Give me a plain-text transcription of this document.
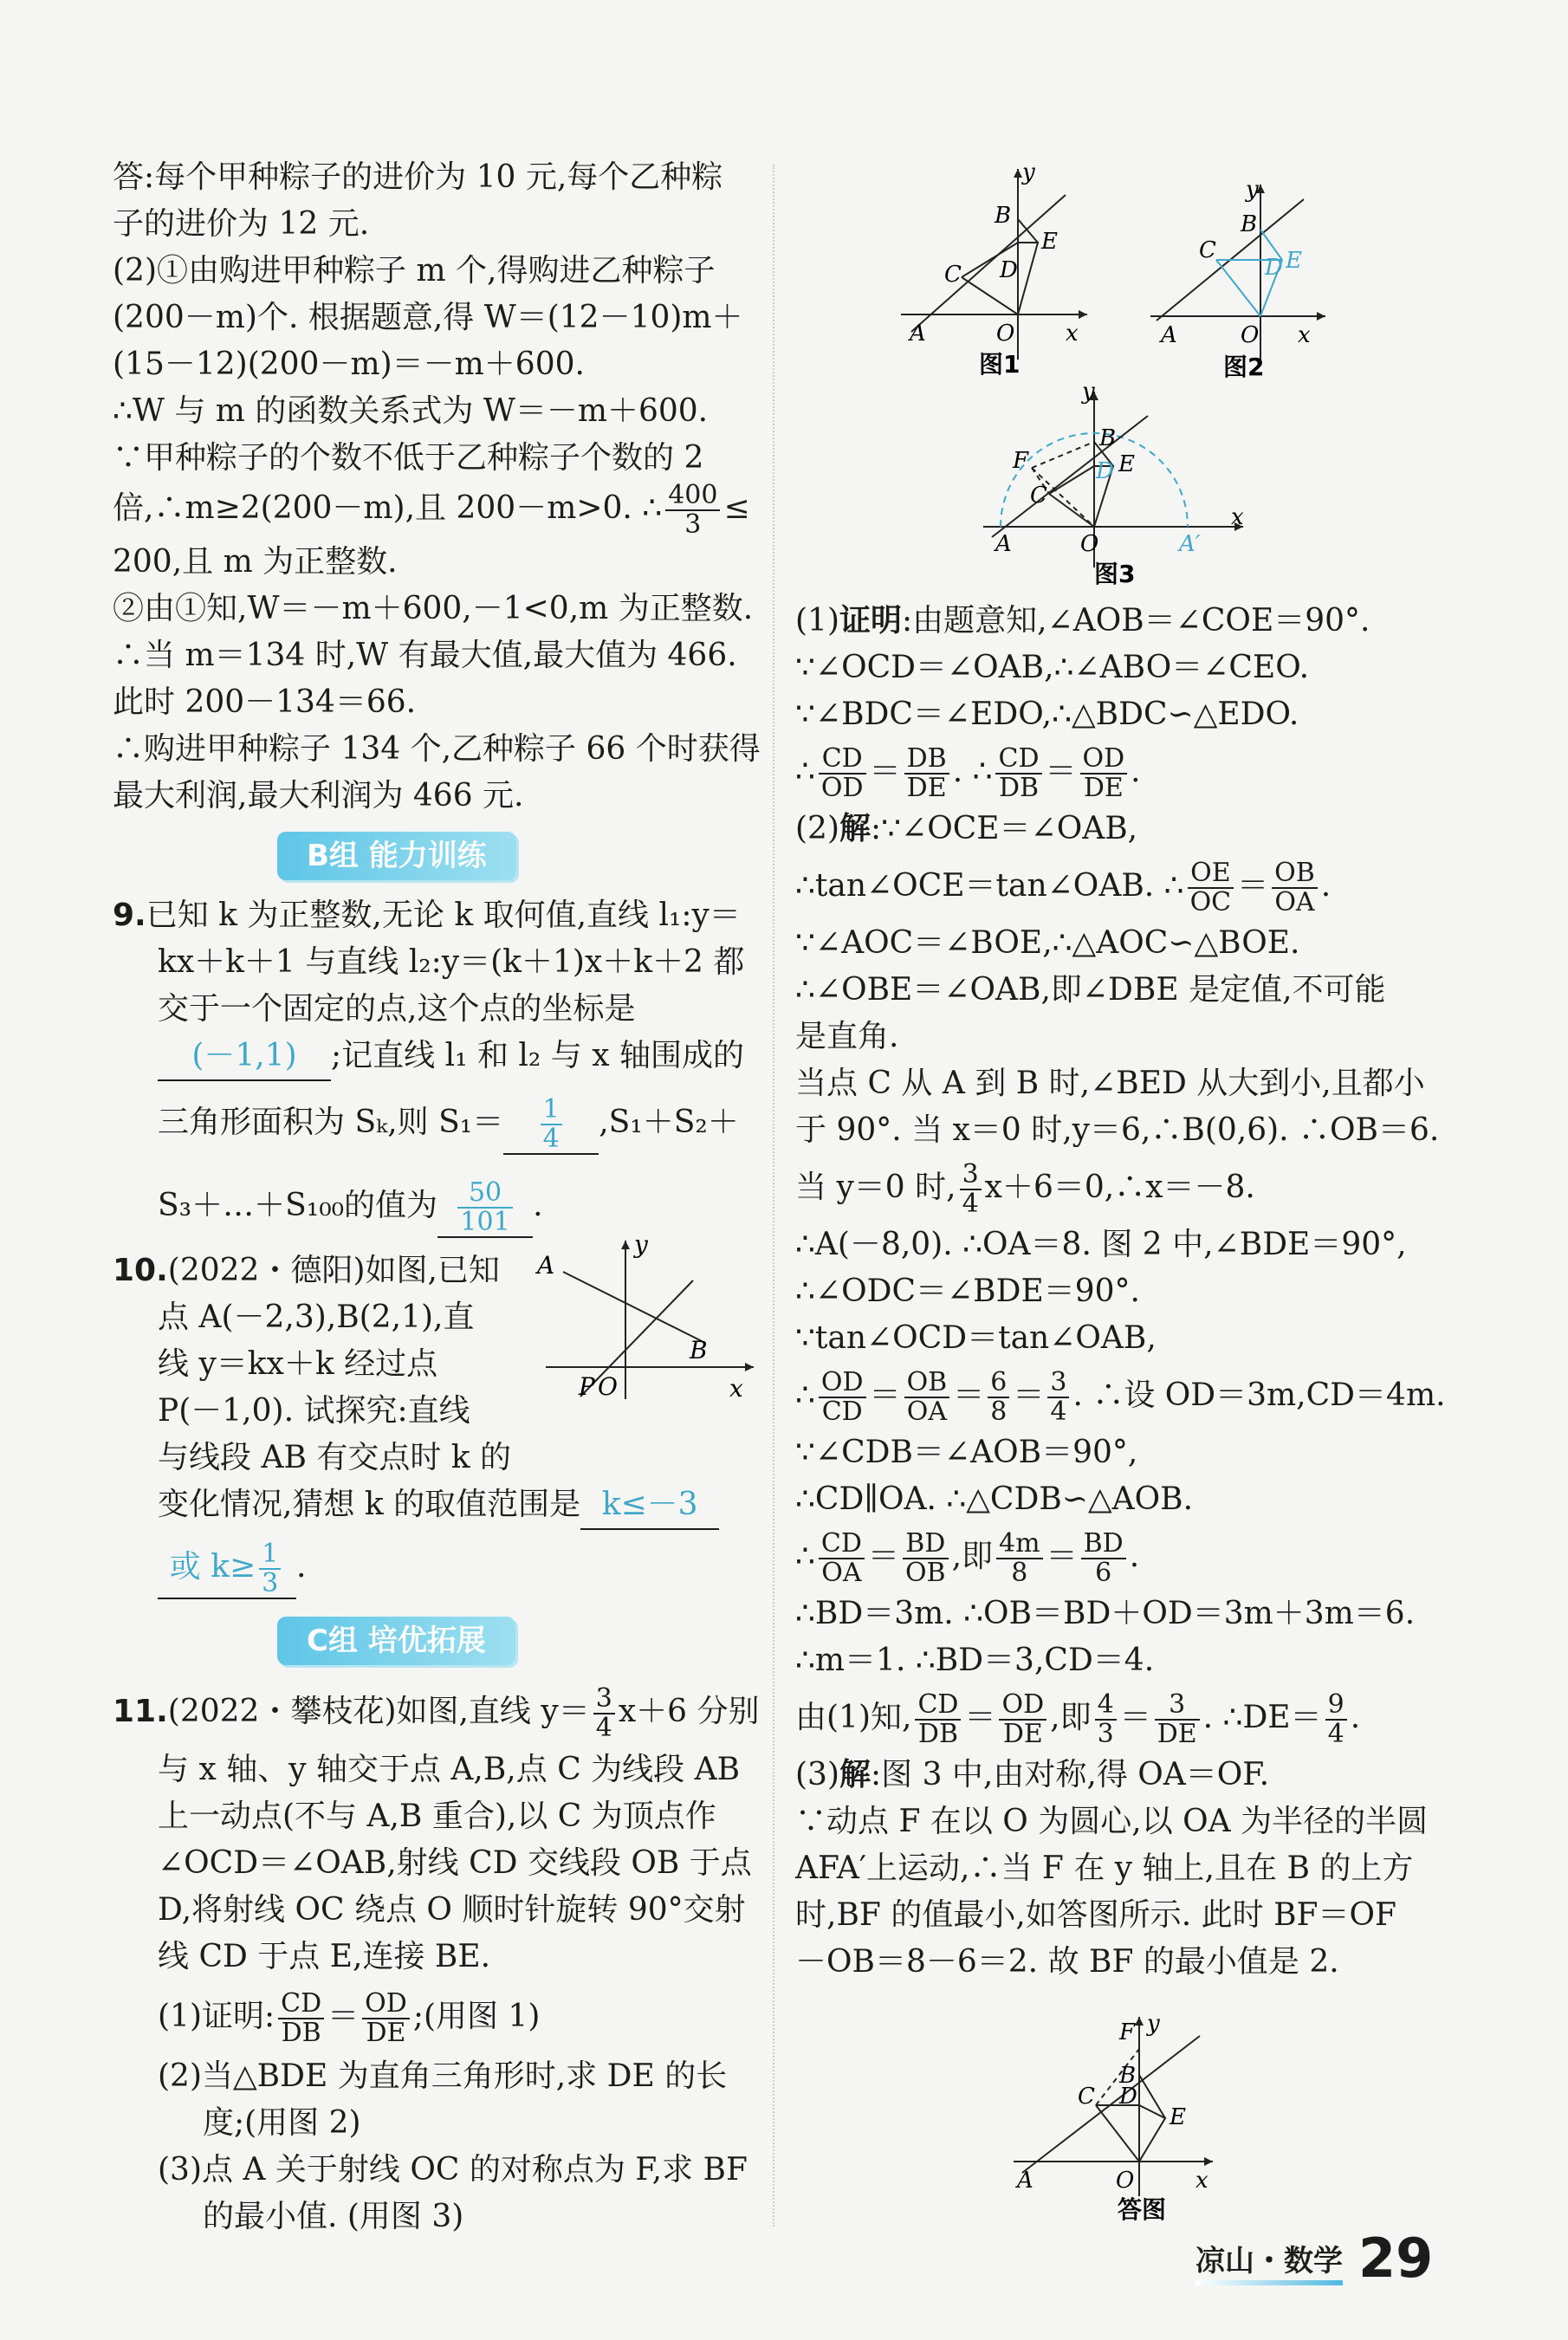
答:每个甲种粽子的进价为 10 元,每个乙种粽

子的进价为 12 元.

(2)①由购进甲种粽子 m 个,得购进乙种粽子

(200－m)个. 根据题意,得 W＝(12－10)m＋

(15－12)(200－m)＝－m＋600.

∴W 与 m 的函数关系式为 W＝－m＋600.

∵甲种粽子的个数不低于乙种粽子个数的 2

倍,∴m≥2(200－m),且 200－m>0. ∴ $\frac{400}{3}$ ≤

200,且 m 为正整数.

②由①知,W＝－m＋600,－1<0,m 为正整数.

∴当 m＝134 时,W 有最大值,最大值为 466.

此时 200－134＝66.

∴购进甲种粽子 134 个,乙种粽子 66 个时获得

最大利润,最大利润为 466 元.

B组 能力训练

9.已知 k 为正整数,无论 k 取何值,直线 l₁:y＝

kx＋k＋1 与直线 l₂:y＝(k＋1)x＋k＋2 都

交于一个固定的点,这个点的坐标是

(－1,1) ;记直线 l₁ 和 l₂ 与 x 轴围成的

三角形面积为 Sₖ,则 $S_1= \frac{1}{4} ,S_1+S_2+$

S₃＋…＋S₁₀₀的值为 $\frac{50}{101}$ .

10.(2022・德阳)如图,已知

点 A(－2,3),B(2,1),直

线 y＝kx＋k 经过点

P(－1,0). 试探究:直线

与线段 AB 有交点时 k 的

变化情况,猜想 k 的取值范围是 k≤－3

或 $k\ge \frac{1}{3}$ .

C组 培优拓展

11.(2022・攀枝花)如图,直线 $y= \frac{3}{4} x+6$ 分别

与 x 轴、y 轴交于点 A,B,点 C 为线段 AB

上一动点(不与 A,B 重合),以 C 为顶点作

∠OCD＝∠OAB,射线 CD 交线段 OB 于点

D,将射线 OC 绕点 O 顺时针旋转 90°交射

线 CD 于点 E,连接 BE.

(1)证明: $\frac{CD}{DB} = \frac{OD}{DE}$ ;(用图 1)

(2)当△BDE 为直角三角形时,求 DE 的长

度;(用图 2)

(3)点 A 关于射线 OC 的对称点为 F,求 BF

的最小值. (用图 3)

A
B
P O	x
y
B
E
C D
A	O x
y
图1
B
C
D E
A	O x
y
图2
B
F
C
D E
A	O	A′
x
y
图3

(1)证明:由题意知,∠AOB＝∠COE＝90°.

∵∠OCD＝∠OAB,∴∠ABO＝∠CEO.

∵∠BDC＝∠EDO,∴△BDC∽△EDO.

∴ $\frac{CD}{OD} = \frac{DB}{DE}$ . ∴ $\frac{CD}{DB} = \frac{OD}{DE}$ .

(2)解:∵∠OCE＝∠OAB,

∴tan∠OCE＝tan∠OAB. ∴ $\frac{OE}{OC} = \frac{OB}{OA}$ .

∵∠AOC＝∠BOE,∴△AOC∽△BOE.

∴∠OBE＝∠OAB,即∠DBE 是定值,不可能

是直角.

当点 C 从 A 到 B 时,∠BED 从大到小,且都小

于 90°. 当 x＝0 时,y＝6,∴B(0,6). ∴OB＝6.

当 y＝0 时, $\frac{3}{4}$ x＋6＝0,∴x＝－8.

∴A(－8,0). ∴OA＝8. 图 2 中,∠BDE＝90°,

∴∠ODC＝∠BDE＝90°.

∵tan∠OCD＝tan∠OAB,

∴ $\frac{OD}{CD} = \frac{OB}{OA} = \frac{6}{8} = \frac{3}{4}$ . ∴设 OD＝3m,CD＝4m.

∵∠CDB＝∠AOB＝90°,

∴CD∥OA. ∴△CDB∽△AOB.

∴ $\frac{CD}{OA} = \frac{BD}{OB}$ ,即 $\frac{4m}{8} = \frac{BD}{6}$ .

∴BD＝3m. ∴OB＝BD＋OD＝3m＋3m＝6.

∴m＝1. ∴BD＝3,CD＝4.

由(1)知, $\frac{CD}{DB} = \frac{OD}{DE}$ ,即 $\frac{4}{3} = \frac{3}{DE}$ . ∴DE＝ $\frac{9}{4}$ .

(3)解:图 3 中,由对称,得 OA＝OF.

∵动点 F 在以 O 为圆心,以 OA 为半径的半圆

AFA′上运动,∴当 F 在 y 轴上,且在 B 的上方

时,BF 的值最小,如答图所示. 此时 BF＝OF

－OB＝8－6＝2. 故 BF 的最小值是 2.

F
B
C D
E
A	O	x
y
答图
凉山・数学 29
